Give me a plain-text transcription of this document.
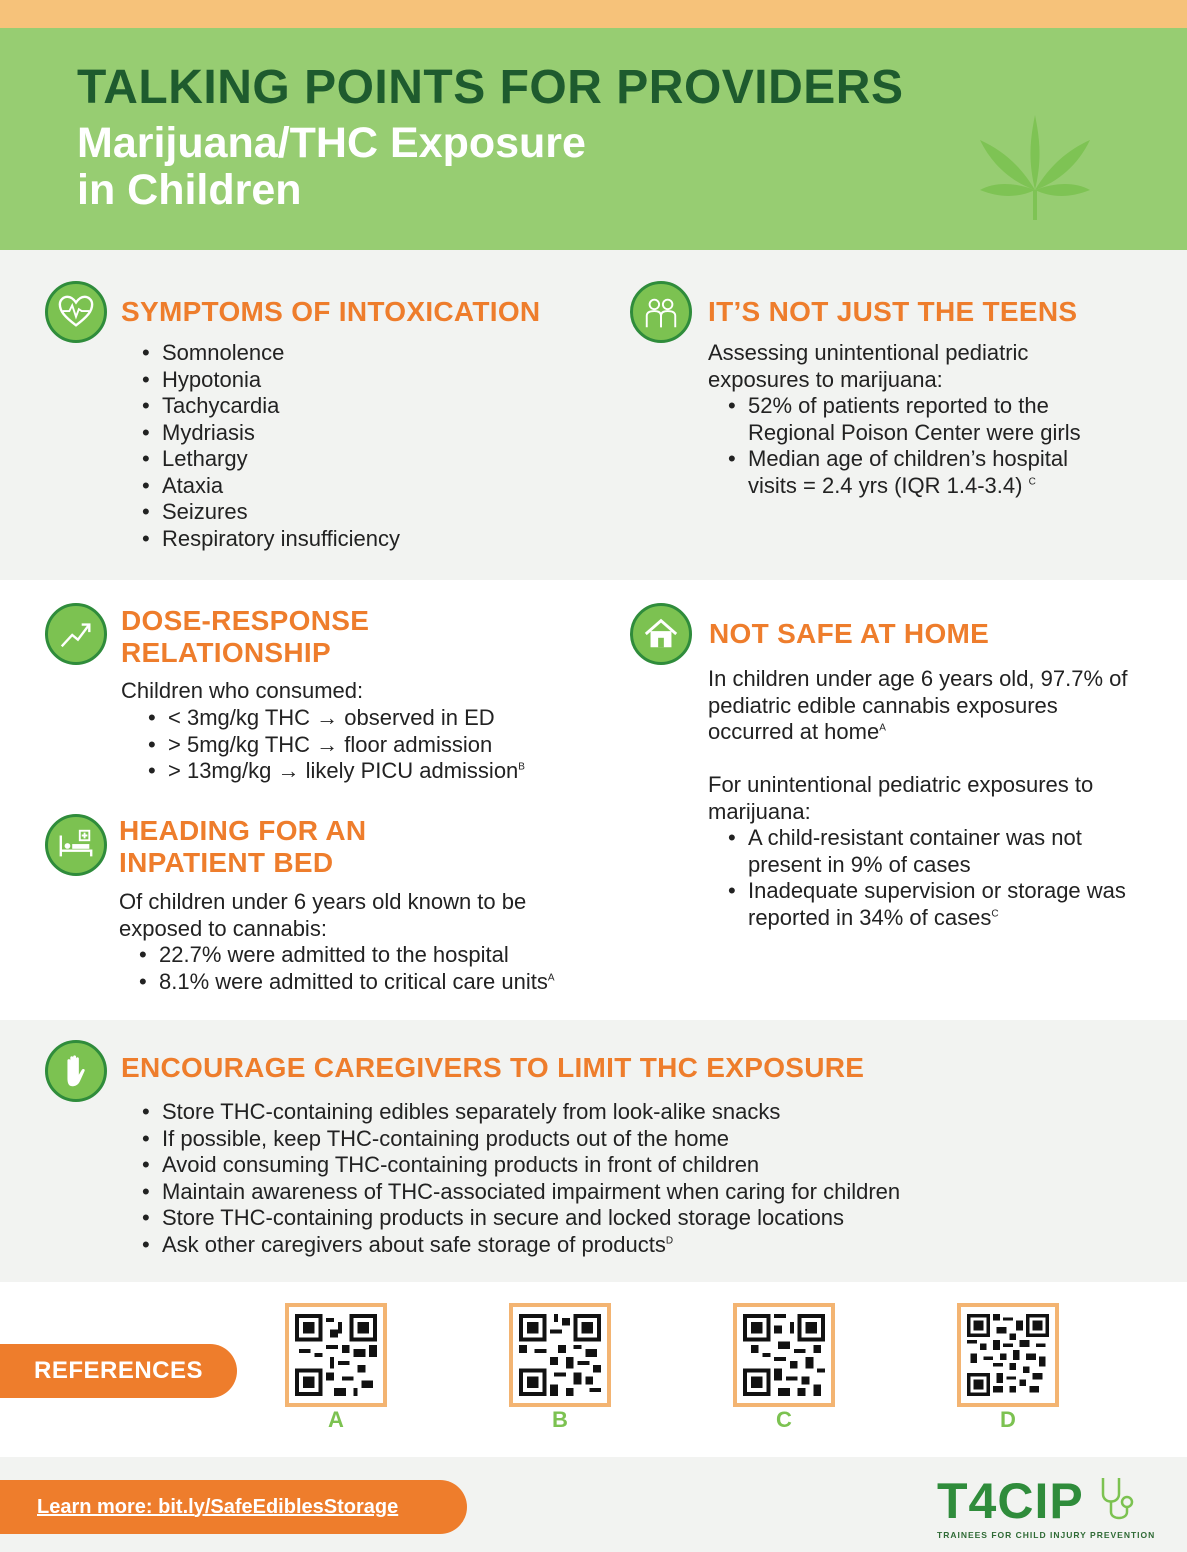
TALKING POINTS FOR PROVIDERS
Marijuana/THC Exposure
in Children
SYMPTOMS OF INTOXICATION
• Somnolence
• Hypotonia
• Tachycardia
• Mydriasis
• Lethargy
• Ataxia
• Seizures
• Respiratory insufficiency
IT’S NOT JUST THE TEENS
Assessing unintentional pediatric exposures to marijuana:
• 52% of patients reported to the Regional Poison Center were girls
• Median age of children’s hospital visits = 2.4 yrs (IQR 1.4-3.4) $^C$
DOSE-RESPONSE
RELATIONSHIP
Children who consumed:
• < 3mg/kg THC → observed in ED
• > 5mg/kg THC → floor admission
• > 13mg/kg → likely PICU admission$^B$
NOT SAFE AT HOME
In children under age 6 years old, 97.7% of pediatric edible cannabis exposures occurred at home$^A$
For unintentional pediatric exposures to marijuana:
• A child-resistant container was not present in 9% of cases
• Inadequate supervision or storage was reported in 34% of cases$^C$
HEADING FOR AN
INPATIENT BED
Of children under 6 years old known to be exposed to cannabis:
• 22.7% were admitted to the hospital
• 8.1% were admitted to critical care units$^A$
ENCOURAGE CAREGIVERS TO LIMIT THC EXPOSURE
• Store THC-containing edibles separately from look-alike snacks
• If possible, keep THC-containing products out of the home
• Avoid consuming THC-containing products in front of children
• Maintain awareness of THC-associated impairment when caring for children
• Store THC-containing products in secure and locked storage locations
• Ask other caregivers about safe storage of products$^D$
REFERENCES
A	B	C	D
Learn more: bit.ly/SafeEdiblesStorage	T4CIP
TRAINEES FOR CHILD INJURY PREVENTION
